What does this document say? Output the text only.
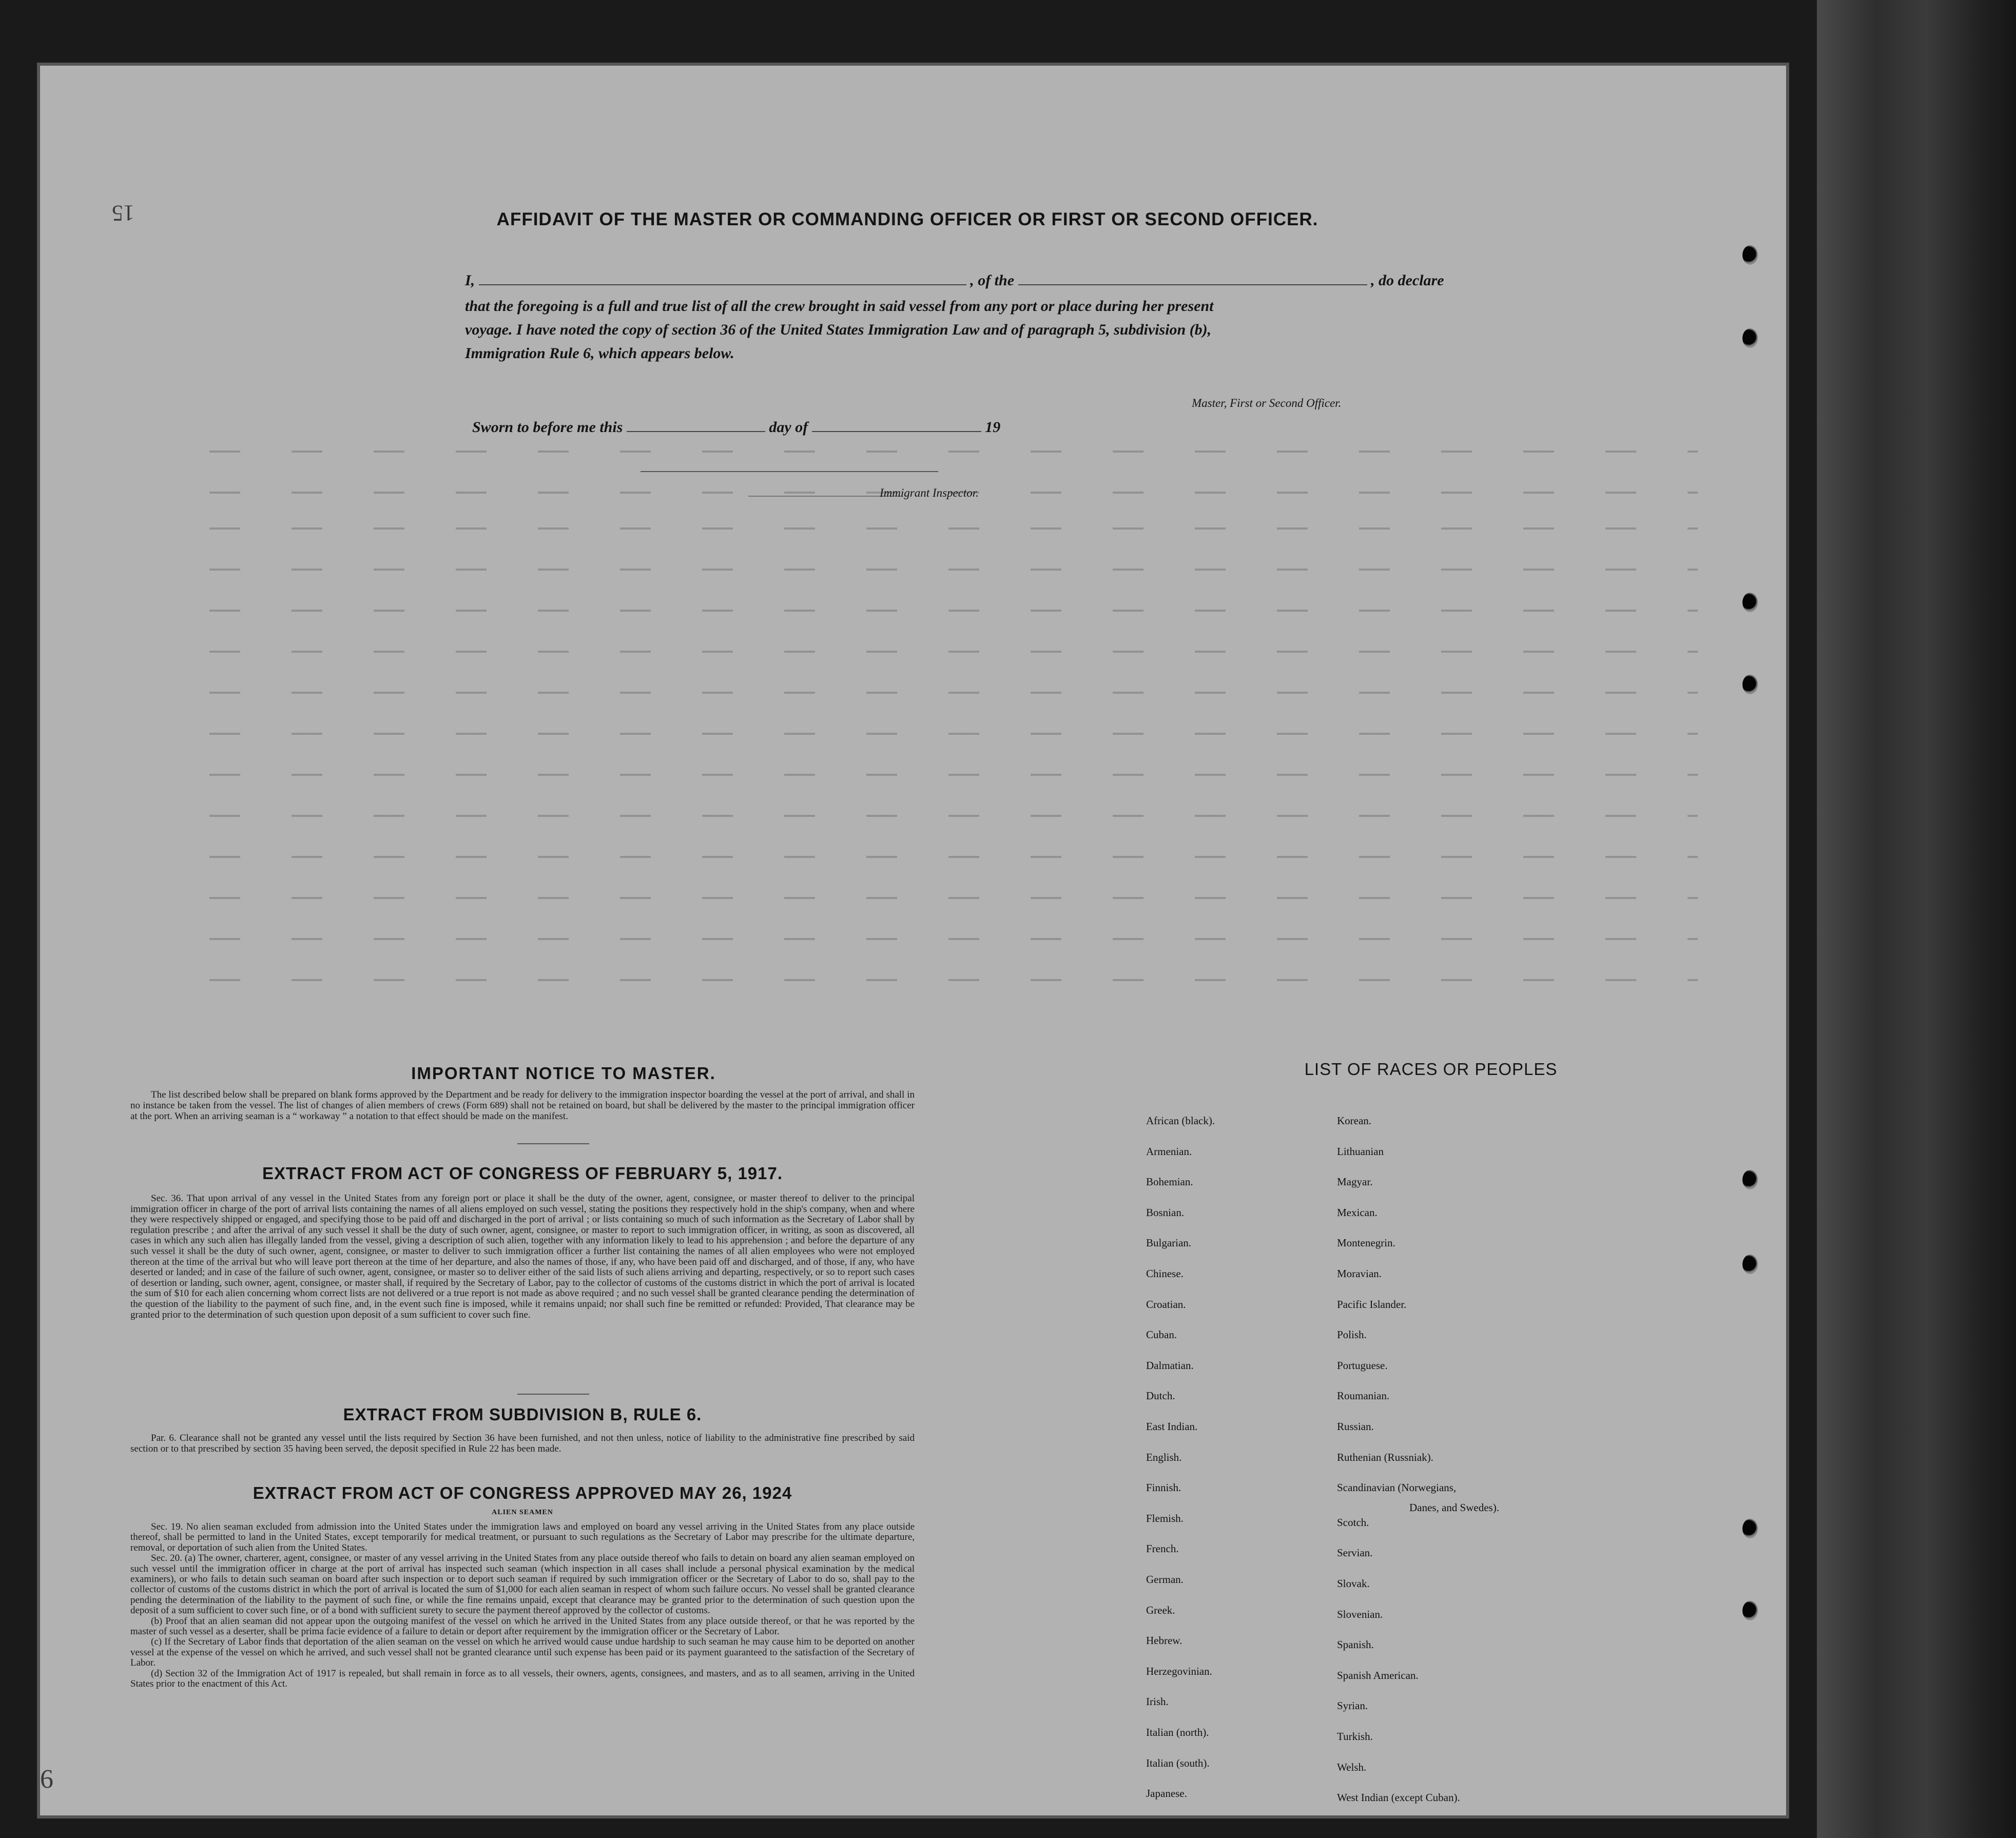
15
6
AFFIDAVIT OF THE MASTER OR COMMANDING OFFICER OR FIRST OR SECOND OFFICER.
I,	, of the	, do declare
that the foregoing is a full and true list of all the crew brought in said vessel from any port or place during her present
voyage. I have noted the copy of section 36 of the United States Immigration Law and of paragraph 5, subdivision (b),
Immigration Rule 6, which appears below.
Master, First or Second Officer.
Sworn to before me this	day of	19
Immigrant Inspector.
IMPORTANT NOTICE TO MASTER.
The list described below shall be prepared on blank forms approved by the Department and be ready for delivery to the immigration inspector boarding the vessel at the port of arrival, and shall in no instance be taken from the vessel. The list of changes of alien members of crews (Form 689) shall not be retained on board, but shall be delivered by the master to the principal immigration officer at the port. When an arriving seaman is a “ workaway ” a notation to that effect should be made on the manifest.
EXTRACT FROM ACT OF CONGRESS OF FEBRUARY 5, 1917.
Sec. 36. That upon arrival of any vessel in the United States from any foreign port or place it shall be the duty of the owner, agent, consignee, or master thereof to deliver to the principal immigration officer in charge of the port of arrival lists containing the names of all aliens employed on such vessel, stating the positions they respectively hold in the ship's company, when and where they were respectively shipped or engaged, and specifying those to be paid off and discharged in the port of arrival ; or lists containing so much of such information as the Secretary of Labor shall by regulation prescribe ; and after the arrival of any such vessel it shall be the duty of such owner, agent, consignee, or master to report to such immigration officer, in writing, as soon as discovered, all cases in which any such alien has illegally landed from the vessel, giving a description of such alien, together with any information likely to lead to his apprehension ; and before the departure of any such vessel it shall be the duty of such owner, agent, consignee, or master to deliver to such immigration officer a further list containing the names of all alien employees who were not employed thereon at the time of the arrival but who will leave port thereon at the time of her departure, and also the names of those, if any, who have been paid off and discharged, and of those, if any, who have deserted or landed; and in case of the failure of such owner, agent, consignee, or master so to deliver either of the said lists of such aliens arriving and departing, respectively, or so to report such cases of desertion or landing, such owner, agent, consignee, or master shall, if required by the Secretary of Labor, pay to the collector of customs of the customs district in which the port of arrival is located the sum of $10 for each alien concerning whom correct lists are not delivered or a true report is not made as above required ; and no such vessel shall be granted clearance pending the determination of the question of the liability to the payment of such fine, and, in the event such fine is imposed, while it remains unpaid; nor shall such fine be remitted or refunded: Provided, That clearance may be granted prior to the determination of such question upon deposit of a sum sufficient to cover such fine.
EXTRACT FROM SUBDIVISION B, RULE 6.
Par. 6. Clearance shall not be granted any vessel until the lists required by Section 36 have been furnished, and not then unless, notice of liability to the administrative fine prescribed by said section or to that prescribed by section 35 having been served, the deposit specified in Rule 22 has been made.
EXTRACT FROM ACT OF CONGRESS APPROVED MAY 26, 1924
ALIEN SEAMEN
Sec. 19. No alien seaman excluded from admission into the United States under the immigration laws and employed on board any vessel arriving in the United States from any place outside thereof, shall be permitted to land in the United States, except temporarily for medical treatment, or pursuant to such regulations as the Secretary of Labor may prescribe for the ultimate departure, removal, or deportation of such alien from the United States.
Sec. 20. (a) The owner, charterer, agent, consignee, or master of any vessel arriving in the United States from any place outside thereof who fails to detain on board any alien seaman employed on such vessel until the immigration officer in charge at the port of arrival has inspected such seaman (which inspection in all cases shall include a personal physical examination by the medical examiners), or who fails to detain such seaman on board after such inspection or to deport such seaman if required by such immigration officer or the Secretary of Labor to do so, shall pay to the collector of customs of the customs district in which the port of arrival is located the sum of $1,000 for each alien seaman in respect of whom such failure occurs. No vessel shall be granted clearance pending the determination of the liability to the payment of such fine, or while the fine remains unpaid, except that clearance may be granted prior to the determination of such question upon the deposit of a sum sufficient to cover such fine, or of a bond with sufficient surety to secure the payment thereof approved by the collector of customs.
(b) Proof that an alien seaman did not appear upon the outgoing manifest of the vessel on which he arrived in the United States from any place outside thereof, or that he was reported by the master of such vessel as a deserter, shall be prima facie evidence of a failure to detain or deport after requirement by the immigration officer or the Secretary of Labor.
(c) If the Secretary of Labor finds that deportation of the alien seaman on the vessel on which he arrived would cause undue hardship to such seaman he may cause him to be deported on another vessel at the expense of the vessel on which he arrived, and such vessel shall not be granted clearance until such expense has been paid or its payment guaranteed to the satisfaction of the Secretary of Labor.
(d) Section 32 of the Immigration Act of 1917 is repealed, but shall remain in force as to all vessels, their owners, agents, consignees, and masters, and as to all seamen, arriving in the United States prior to the enactment of this Act.
LIST OF RACES OR PEOPLES
Danes, and Swedes).
African (black).
Armenian.
Bohemian.
Bosnian.
Bulgarian.
Chinese.
Croatian.
Cuban.
Dalmatian.
Dutch.
East Indian.
English.
Finnish.
Flemish.
French.
German.
Greek.
Hebrew.
Herzegovinian.
Irish.
Italian (north).
Italian (south).
Japanese.
Korean.
Lithuanian
Magyar.
Mexican.
Montenegrin.
Moravian.
Pacific Islander.
Polish.
Portuguese.
Roumanian.
Russian.
Ruthenian (Russniak).
Scandinavian (Norwegians,
Scotch.
Servian.
Slovak.
Slovenian.
Spanish.
Spanish American.
Syrian.
Turkish.
Welsh.
West Indian (except Cuban).
